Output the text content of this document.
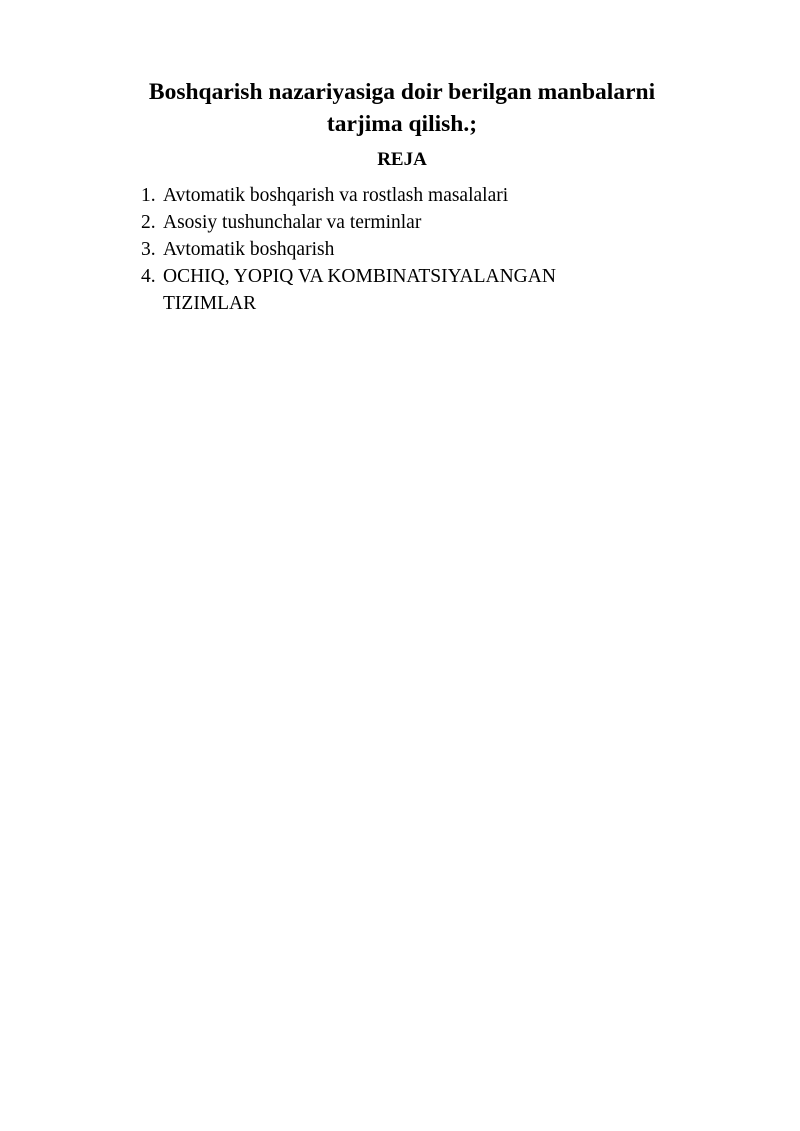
Boshqarish nazariyasiga doir berilgan manbalarni
tarjima qilish.;
REJA
1. Avtomatik boshqarish va rostlash masalalari
2. Asosiy tushunchalar va terminlar
3. Avtomatik boshqarish
4. OCHIQ, YOPIQ VA KOMBINATSIYALANGAN
TIZIMLAR
